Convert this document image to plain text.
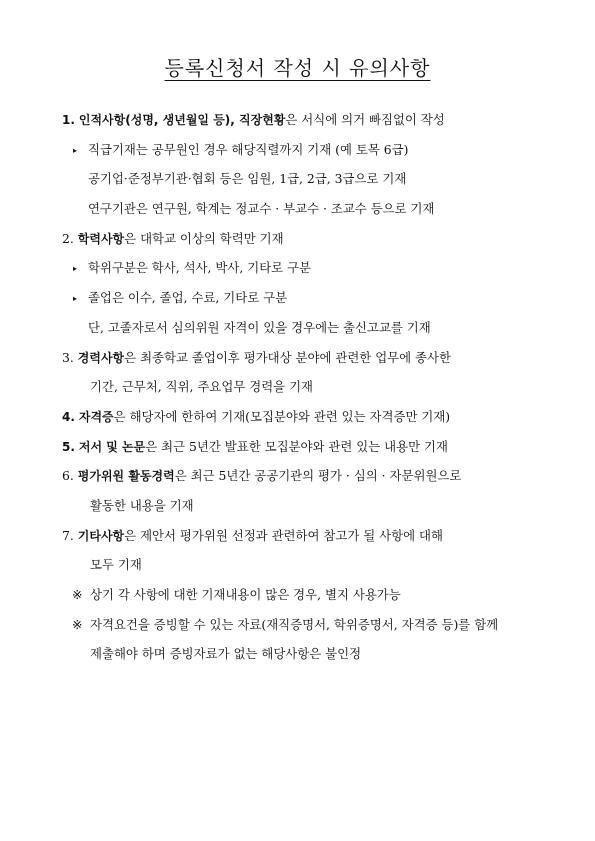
등록신청서 작성 시 유의사항
1. 인적사항(성명, 생년월일 등), 직장현황은 서식에 의거 빠짐없이 작성
▸ 직급기재는 공무원인 경우 해당직렬까지 기재 (예 토목 6급)
공기업·준정부기관·협회 등은 임원, 1급, 2급, 3급으로 기재
연구기관은 연구원, 학계는 정교수 · 부교수 · 조교수 등으로 기재
2. 학력사항은 대학교 이상의 학력만 기재
▸ 학위구분은 학사, 석사, 박사, 기타로 구분
▸ 졸업은 이수, 졸업, 수료, 기타로 구분
단, 고졸자로서 심의위원 자격이 있을 경우에는 출신고교를 기재
3. 경력사항은 최종학교 졸업이후 평가대상 분야에 관련한 업무에 종사한
기간, 근무처, 직위, 주요업무 경력을 기재
4. 자격증은 해당자에 한하여 기재(모집분야와 관련 있는 자격증만 기재)
5. 저서 및 논문은 최근 5년간 발표한 모집분야와 관련 있는 내용만 기재
6. 평가위원 활동경력은 최근 5년간 공공기관의 평가 · 심의 · 자문위원으로
활동한 내용을 기재
7. 기타사항은 제안서 평가위원 선정과 관련하여 참고가 될 사항에 대해
모두 기재
※ 상기 각 사항에 대한 기재내용이 많은 경우, 별지 사용가능
※ 자격요건을 증빙할 수 있는 자료(재직증명서, 학위증명서, 자격증 등)를 함께
제출해야 하며 증빙자료가 없는 해당사항은 불인정
